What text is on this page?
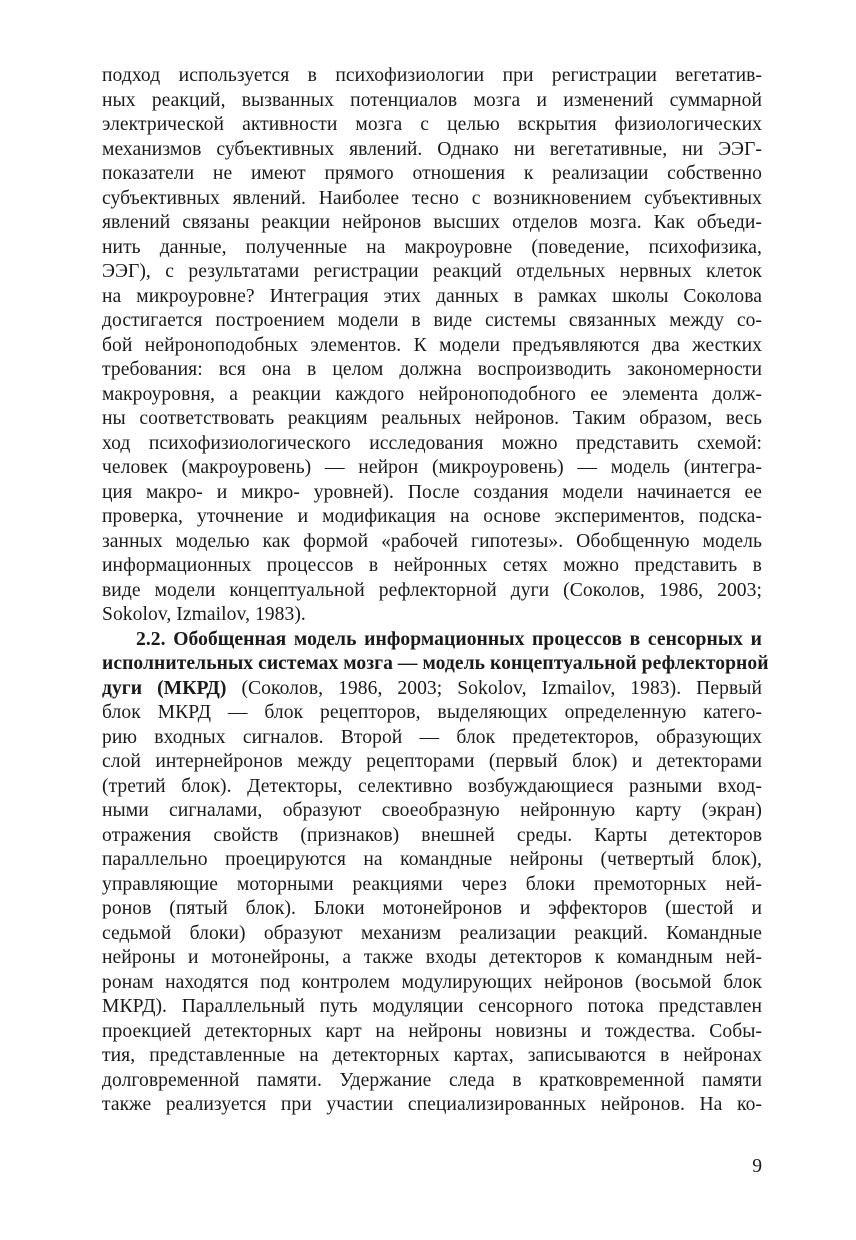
подход используется в психофизиологии при регистрации вегетатив-
ных реакций, вызванных потенциалов мозга и изменений суммарной
электрической активности мозга с целью вскрытия физиологических
механизмов субъективных явлений. Однако ни вегетативные, ни ЭЭГ-
показатели не имеют прямого отношения к реализации собственно
субъективных явлений. Наиболее тесно с возникновением субъективных
явлений связаны реакции нейронов высших отделов мозга. Как объеди-
нить данные, полученные на макроуровне (поведение, психофизика,
ЭЭГ), с результатами регистрации реакций отдельных нервных клеток
на микроуровне? Интеграция этих данных в рамках школы Соколова
достигается построением модели в виде системы связанных между со-
бой нейроноподобных элементов. К модели предъявляются два жестких
требования: вся она в целом должна воспроизводить закономерности
макроуровня, а реакции каждого нейроноподобного ее элемента долж-
ны соответствовать реакциям реальных нейронов. Таким образом, весь
ход психофизиологического исследования можно представить схемой:
человек (макроуровень) — нейрон (микроуровень) — модель (интегра-
ция макро- и микро- уровней). После создания модели начинается ее
проверка, уточнение и модификация на основе экспериментов, подска-
занных моделью как формой «рабочей гипотезы». Обобщенную модель
информационных процессов в нейронных сетях можно представить в
виде модели концептуальной рефлекторной дуги (Соколов, 1986, 2003;
Sokolov, Izmailov, 1983).
2.2. Обобщенная модель информационных процессов в сенсорных и
исполнительных системах мозга — модель концептуальной рефлекторной
дуги (МКРД) (Соколов, 1986, 2003; Sokolov, Izmailov, 1983). Первый
блок МКРД — блок рецепторов, выделяющих определенную катего-
рию входных сигналов. Второй — блок предетекторов, образующих
слой интернейронов между рецепторами (первый блок) и детекторами
(третий блок). Детекторы, селективно возбуждающиеся разными вход-
ными сигналами, образуют своеобразную нейронную карту (экран)
отражения свойств (признаков) внешней среды. Карты детекторов
параллельно проецируются на командные нейроны (четвертый блок),
управляющие моторными реакциями через блоки премоторных ней-
ронов (пятый блок). Блоки мотонейронов и эффекторов (шестой и
седьмой блоки) образуют механизм реализации реакций. Командные
нейроны и мотонейроны, а также входы детекторов к командным ней-
ронам находятся под контролем модулирующих нейронов (восьмой блок
МКРД). Параллельный путь модуляции сенсорного потока представлен
проекцией детекторных карт на нейроны новизны и тождества. Собы-
тия, представленные на детекторных картах, записываются в нейронах
долговременной памяти. Удержание следа в кратковременной памяти
также реализуется при участии специализированных нейронов. На ко-
9
